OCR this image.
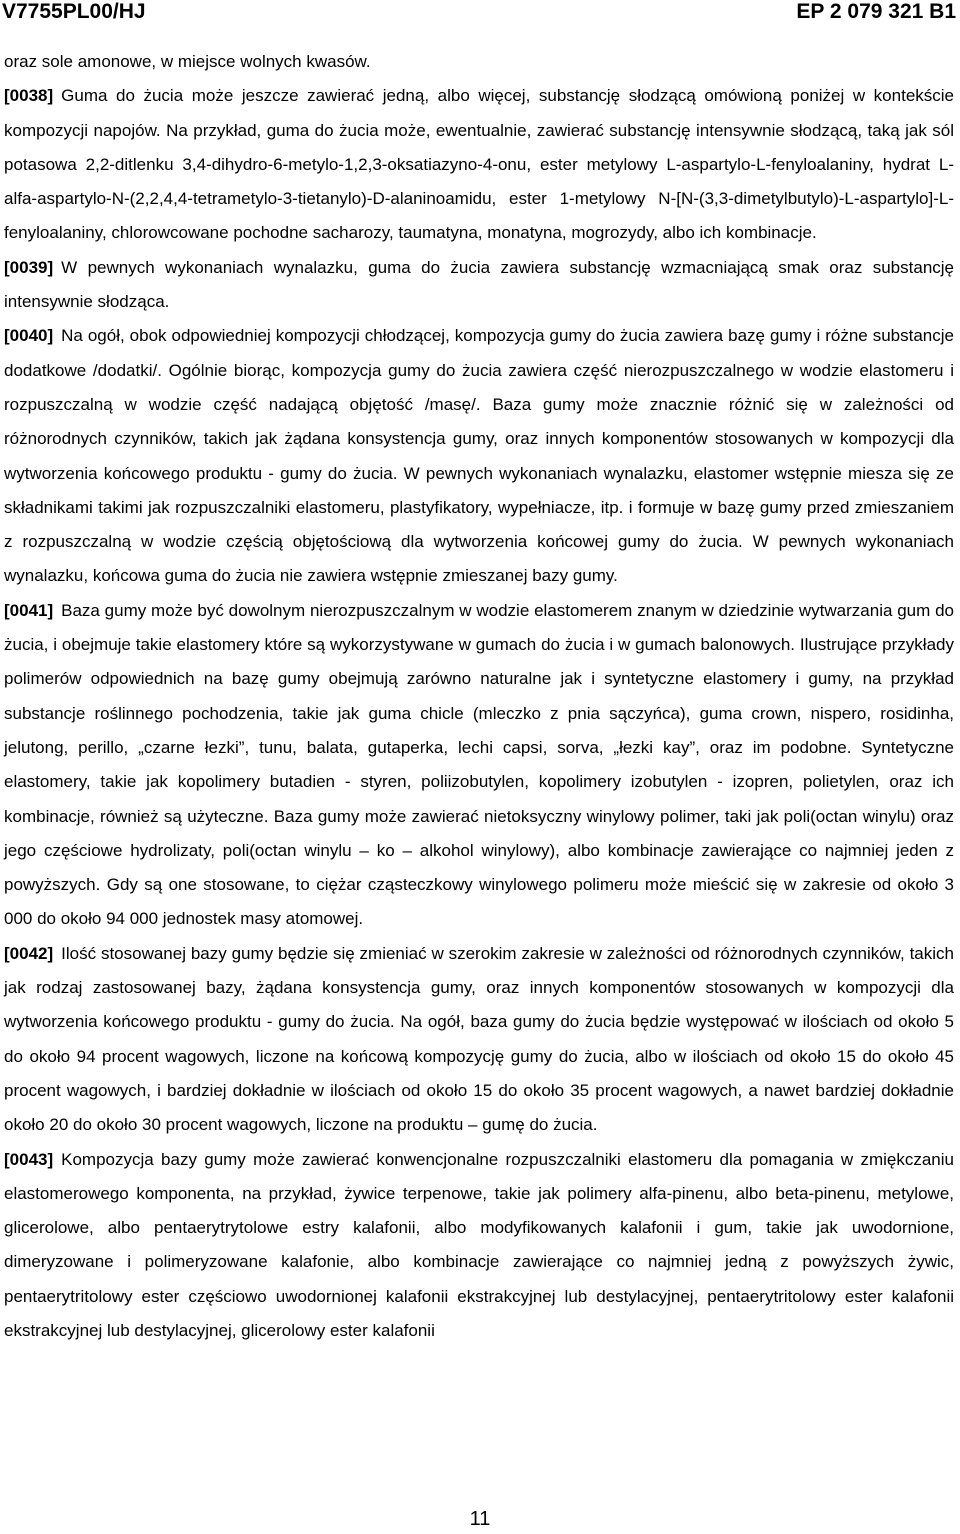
V7755PL00/HJ	EP 2 079 321 B1

oraz sole amonowe, w miejsce wolnych kwasów.

[0038] Guma do żucia może jeszcze zawierać jedną, albo więcej, substancję słodzącą omówioną poniżej w kontekście kompozycji napojów. Na przykład, guma do żucia może, ewentualnie, zawierać substancję intensywnie słodzącą, taką jak sól potasowa 2,2-ditlenku 3,4-dihydro-6-metylo-1,2,3-oksatiazyno-4-onu, ester metylowy L-aspartylo-L-fenyloalaniny, hydrat L-alfa-aspartylo-N-(2,2,4,4-tetrametylo-3-tietanylo)-D-alaninoamidu, ester 1-metylowy N-[N-(3,3-dimetylbutylo)-L-aspartylo]-L-fenyloalaniny, chlorowcowane pochodne sacharozy, taumatyna, monatyna, mogrozydy, albo ich kombinacje.

[0039] W pewnych wykonaniach wynalazku, guma do żucia zawiera substancję wzmacniającą smak oraz substancję intensywnie słodząca.

[0040] Na ogół, obok odpowiedniej kompozycji chłodzącej, kompozycja gumy do żucia zawiera bazę gumy i różne substancje dodatkowe /dodatki/. Ogólnie biorąc, kompozycja gumy do żucia zawiera część nierozpuszczalnego w wodzie elastomeru i rozpuszczalną w wodzie część nadającą objętość /masę/. Baza gumy może znacznie różnić się w zależności od różnorodnych czynników, takich jak żądana konsystencja gumy, oraz innych komponentów stosowanych w kompozycji dla wytworzenia końcowego produktu - gumy do żucia. W pewnych wykonaniach wynalazku, elastomer wstępnie miesza się ze składnikami takimi jak rozpuszczalniki elastomeru, plastyfikatory, wypełniacze, itp. i formuje w bazę gumy przed zmieszaniem z rozpuszczalną w wodzie częścią objętościową dla wytworzenia końcowej gumy do żucia. W pewnych wykonaniach wynalazku, końcowa guma do żucia nie zawiera wstępnie zmieszanej bazy gumy.

[0041] Baza gumy może być dowolnym nierozpuszczalnym w wodzie elastomerem znanym w dziedzinie wytwarzania gum do żucia, i obejmuje takie elastomery które są wykorzystywane w gumach do żucia i w gumach balonowych. Ilustrujące przykłady polimerów odpowiednich na bazę gumy obejmują zarówno naturalne jak i syntetyczne elastomery i gumy, na przykład substancje roślinnego pochodzenia, takie jak guma chicle (mleczko z pnia sączyńca), guma crown, nispero, rosidinha, jelutong, perillo, „czarne łezki”, tunu, balata, gutaperka, lechi capsi, sorva, „łezki kay”, oraz im podobne. Syntetyczne elastomery, takie jak kopolimery butadien - styren, poliizobutylen, kopolimery izobutylen - izopren, polietylen, oraz ich kombinacje, również są użyteczne. Baza gumy może zawierać nietoksyczny winylowy polimer, taki jak poli(octan winylu) oraz jego częściowe hydrolizaty, poli(octan winylu – ko – alkohol winylowy), albo kombinacje zawierające co najmniej jeden z powyższych. Gdy są one stosowane, to ciężar cząsteczkowy winylowego polimeru może mieścić się w zakresie od około 3 000 do około 94 000 jednostek masy atomowej.

[0042] Ilość stosowanej bazy gumy będzie się zmieniać w szerokim zakresie w zależności od różnorodnych czynników, takich jak rodzaj zastosowanej bazy, żądana konsystencja gumy, oraz innych komponentów stosowanych w kompozycji dla wytworzenia końcowego produktu - gumy do żucia. Na ogół, baza gumy do żucia będzie występować w ilościach od około 5 do około 94 procent wagowych, liczone na końcową kompozycję gumy do żucia, albo w ilościach od około 15 do około 45 procent wagowych, i bardziej dokładnie w ilościach od około 15 do około 35 procent wagowych, a nawet bardziej dokładnie około 20 do około 30 procent wagowych, liczone na produktu – gumę do żucia.

[0043] Kompozycja bazy gumy może zawierać konwencjonalne rozpuszczalniki elastomeru dla pomagania w zmiękczaniu elastomerowego komponenta, na przykład, żywice terpenowe, takie jak polimery alfa-pinenu, albo beta-pinenu, metylowe, glicerolowe, albo pentaerytrytolowe estry kalafonii, albo modyfikowanych kalafonii i gum, takie jak uwodornione, dimeryzowane i polimeryzowane kalafonie, albo kombinacje zawierające co najmniej jedną z powyższych żywic, pentaerytritolowy ester częściowo uwodornionej kalafonii ekstrakcyjnej lub destylacyjnej, pentaerytritolowy ester kalafonii ekstrakcyjnej lub destylacyjnej, glicerolowy ester kalafonii

11
